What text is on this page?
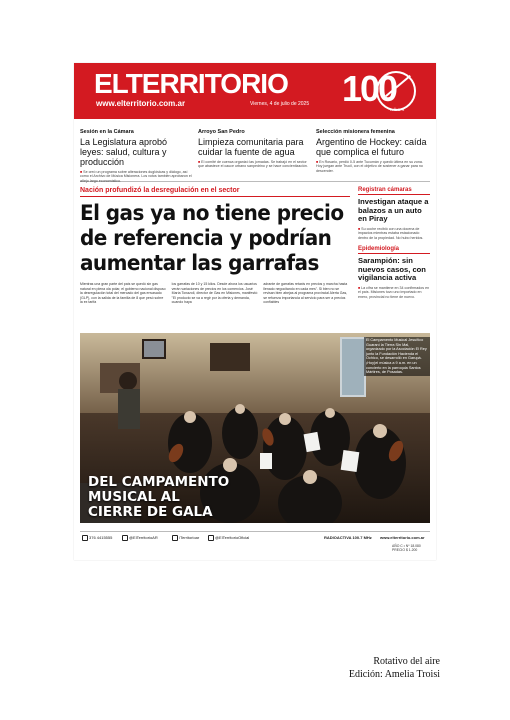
ELTERRITORIO
www.elterritorio.com.ar	Viernes, 4 de julio de 2025 100
AÑOS
Sesión en la Cámara
La Legislatura aprobó leyes: salud, cultura y producción
■ Se creó un programa sobre alteraciones duglósicas y diálogo, así como el Archivo de Música Misionera. Los votos también aprobaron el añejo largo economístico.
Arroyo San Pedro
Limpieza comunitaria para cuidar la fuente de agua
■ El comité de cuenca organizó las jornadas. Se trabajó en el sector que abastece el cauce urbano sanpedrino y se hace concientización.
Selección misionera femenina
Argentino de Hockey: caída que complica el futuro
■ En Rosario, perdió 0-5 ante Tucumán y quedó última en su zona. Hoy juegan ante Trucil, con el objetivo de sostener a ganar para no descender.
Nación profundizó la desregulación en el sector
El gas ya no tiene precio
de referencia y podrían
aumentar las garrafas
Mientras una gran parte del país se quedó sin gas natural en plena ola polar, el gobierno nacional dispuso la desregulación total del mercado del gas envasado (GLP), con la salida de la familia de 8 que pesó sobre la ex tarifa
los garrafas de 10 y 15 kilos. Desde ahora los usuarios verán variaciones de precios en los comercios. José María Tonazoli, director de Gas en Misiones, manifestó: "El producto se va a regir por la oferta y demanda, cuando haya
adrante de garrafas retaxis en precios y marcha hasta llenado negocitando en cada mes". Si bien no se revisan bien abejas al programa provincial Alerta Gas, se refuerza importancia al servicio para ser a precios confiables
Registran cámaras
Investigan ataque a balazos a un auto en Piray
■ Su coche recibió con una docena de impactos mientras estaba estacionado dentro de la propiedad. No hubo heridos.
Epidemiología
Sarampión: sin nuevos casos, con vigilancia activa
■ La cifra se mantiene en 34 confirmados en el país. Misiones tuvo uno importado en enero, provincial no tiene de nuevo.
El Campamento Musical Jesuítico Guaraní la Tierra Sin Mal, organizado por la Asociación El Rey junto la Fundación Hacienda el Ochico, se desarrolló en Garupá. ¡Hoy)el música a 9 a.m. en un concierto en la parroquia Santos Mártires, de Posadas.
DEL CAMPAMENTO
MUSICAL AL
CIERRE DE GALA
376 4415555	@ElTerritorioAR	/Territorioar	@ElTerritorioOficial	RADIOACTIVA 100.7 MHz www.elterritorio.com.ar
AÑO C • Nº 18.080 PRECIO $ 1.200
Rotativo del aire
Edición: Amelia Troisi
